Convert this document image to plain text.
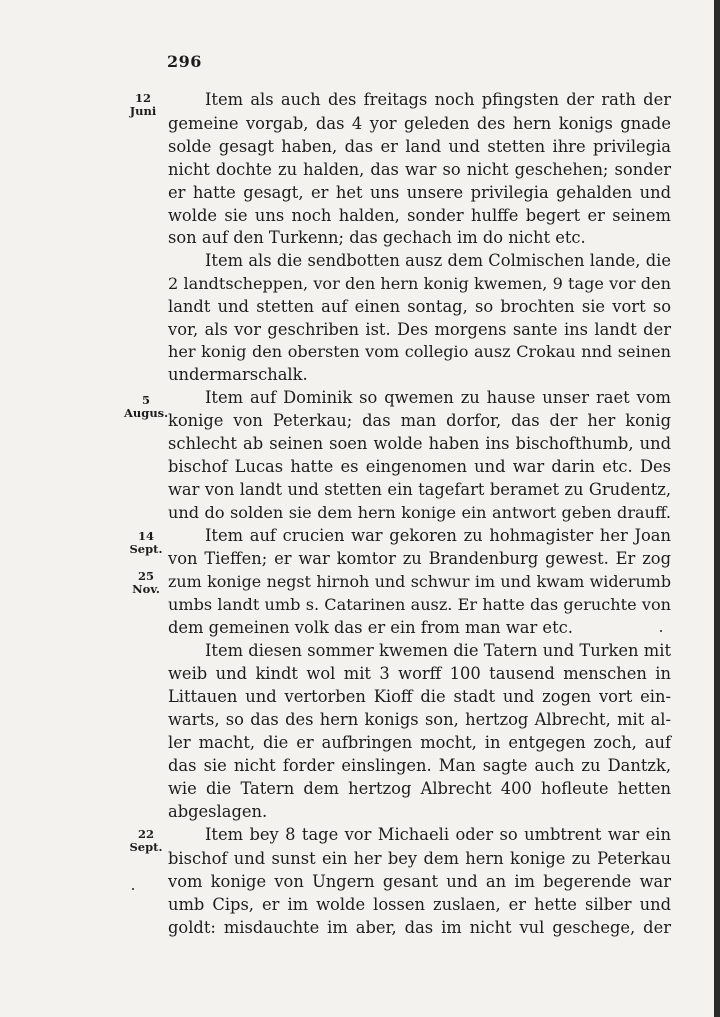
296
12
Juni
5
Augus.
14
Sept.
25
Nov.
22
Sept.
Item als auch des freitags noch pfingsten der rath der
gemeine vorgab, das 4 yor geleden des hern konigs gnade
solde gesagt haben, das er land und stetten ihre privilegia
nicht dochte zu halden, das war so nicht geschehen; sonder
er hatte gesagt, er het uns unsere privilegia gehalden und
wolde sie uns noch halden, sonder hulffe begert er seinem
son auf den Turkenn; das gechach im do nicht etc.
Item als die sendbotten ausz dem Colmischen lande, die
2 landtscheppen, vor den hern konig kwemen, 9 tage vor den
landt und stetten auf einen sontag, so brochten sie vort so
vor, als vor geschriben ist. Des morgens sante ins landt der
her konig den obersten vom collegio ausz Crokau nnd seinen
undermarschalk.
Item auf Dominik so qwemen zu hause unser raet vom
konige von Peterkau; das man dorfor, das der her konig
schlecht ab seinen soen wolde haben ins bischofthumb, und
bischof Lucas hatte es eingenomen und war darin etc. Des
war von landt und stetten ein tagefart beramet zu Grudentz,
und do solden sie dem hern konige ein antwort geben drauff.
Item auf crucien war gekoren zu hohmagister her Joan
von Tieffen; er war komtor zu Brandenburg gewest. Er zog
zum konige negst hirnoh und schwur im und kwam widerumb
umbs landt umb s. Catarinen ausz. Er hatte das geruchte von
dem gemeinen volk das er ein from man war etc.
Item diesen sommer kwemen die Tatern und Turken mit
weib und kindt wol mit 3 worff 100 tausend menschen in
Littauen und vertorben Kioff die stadt und zogen vort ein-
warts, so das des hern konigs son, hertzog Albrecht, mit al-
ler macht, die er aufbringen mocht, in entgegen zoch, auf
das sie nicht forder einslingen. Man sagte auch zu Dantzk,
wie die Tatern dem hertzog Albrecht 400 hofleute hetten
abgeslagen.
Item bey 8 tage vor Michaeli oder so umbtrent war ein
bischof und sunst ein her bey dem hern konige zu Peterkau
vom konige von Ungern gesant und an im begerende war
umb Cips, er im wolde lossen zuslaen, er hette silber und
goldt: misdauchte im aber, das im nicht vul geschege, der
